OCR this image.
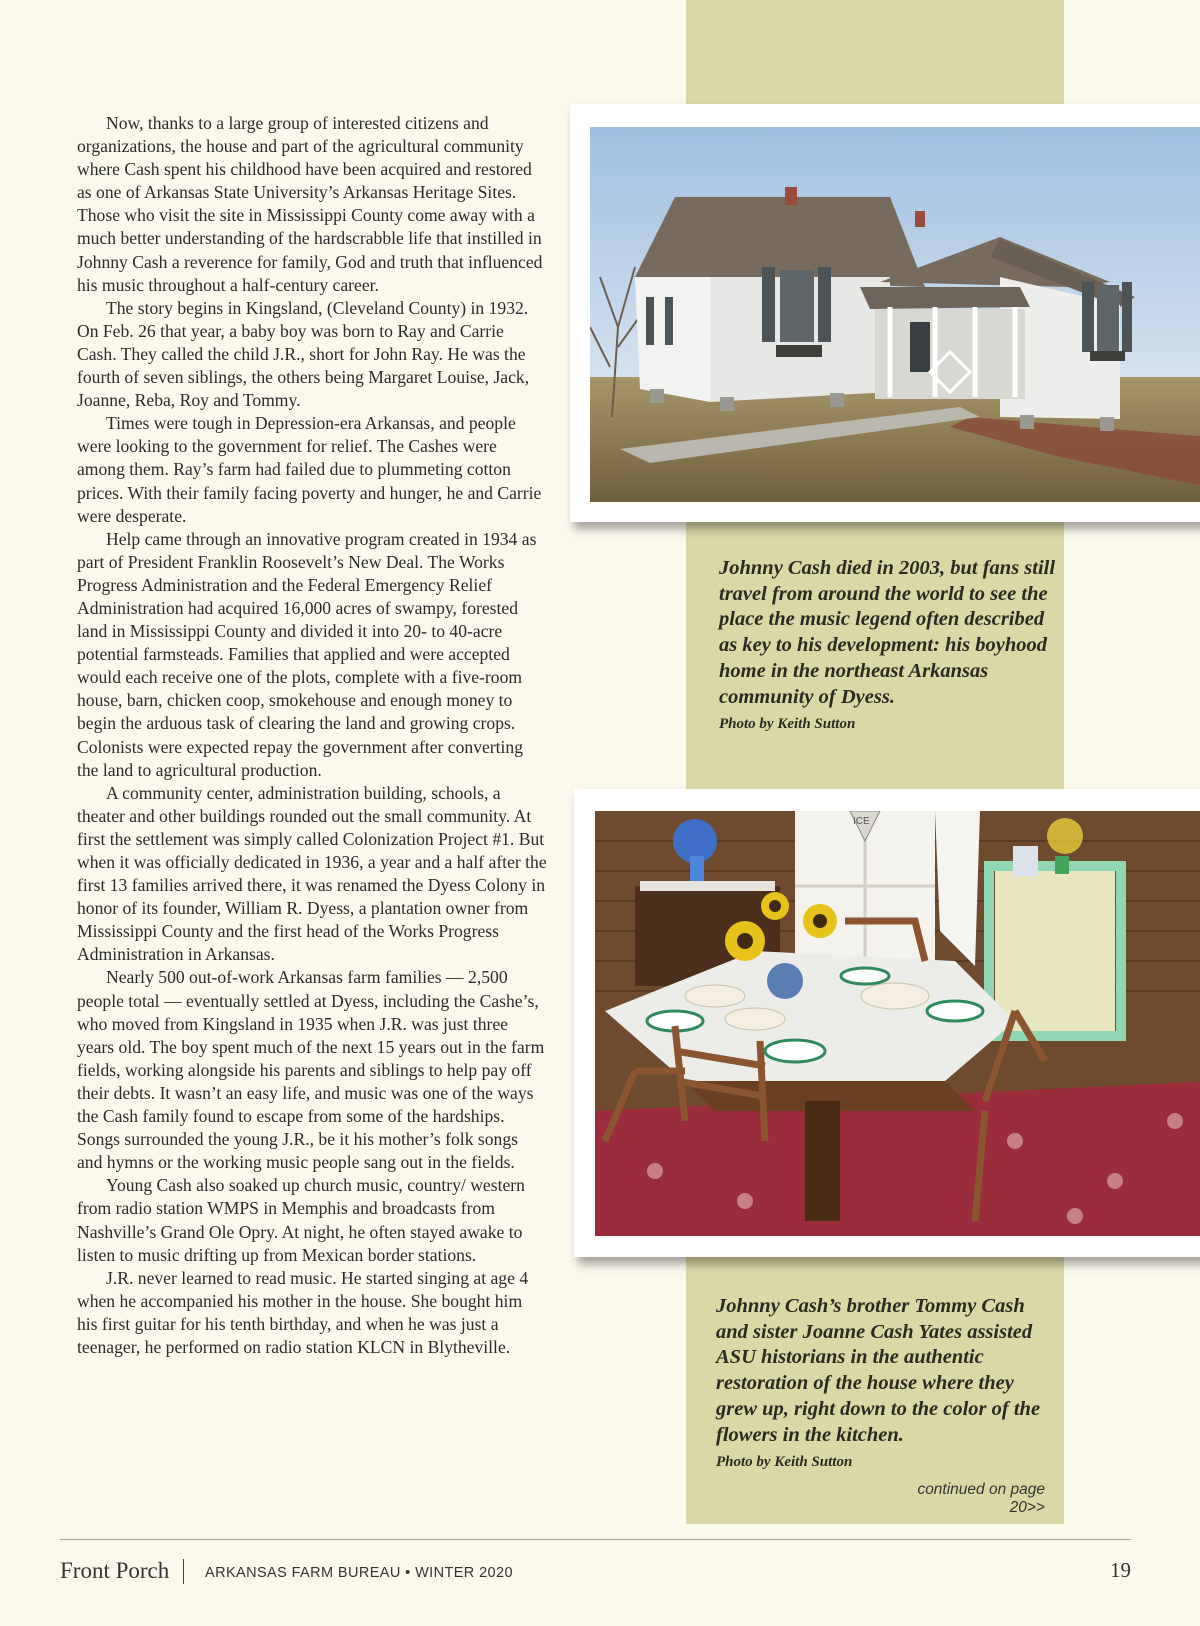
Now, thanks to a large group of interested citizens and organizations, the house and part of the agricultural community where Cash spent his childhood have been acquired and restored as one of Arkansas State University’s Arkansas Heritage Sites. Those who visit the site in Mississippi County come away with a much better understanding of the hardscrabble life that instilled in Johnny Cash a reverence for family, God and truth that influenced his music throughout a half-century career.

The story begins in Kingsland, (Cleveland County) in 1932. On Feb. 26 that year, a baby boy was born to Ray and Carrie Cash. They called the child J.R., short for John Ray. He was the fourth of seven siblings, the others being Margaret Louise, Jack, Joanne, Reba, Roy and Tommy.

Times were tough in Depression-era Arkansas, and people were looking to the government for relief. The Cashes were among them. Ray’s farm had failed due to plummeting cotton prices. With their family facing poverty and hunger, he and Carrie were desperate.

Help came through an innovative program created in 1934 as part of President Franklin Roosevelt’s New Deal. The Works Progress Administration and the Federal Emergency Relief Administration had acquired 16,000 acres of swampy, forested land in Mississippi County and divided it into 20- to 40-acre potential farmsteads. Families that applied and were accepted would each receive one of the plots, complete with a five-room house, barn, chicken coop, smokehouse and enough money to begin the arduous task of clearing the land and growing crops. Colonists were expected repay the government after converting the land to agricultural production.

A community center, administration building, schools, a theater and other buildings rounded out the small community. At first the settlement was simply called Colonization Project #1. But when it was officially dedicated in 1936, a year and a half after the first 13 families arrived there, it was renamed the Dyess Colony in honor of its founder, William R. Dyess, a plantation owner from Mississippi County and the first head of the Works Progress Administration in Arkansas.

Nearly 500 out-of-work Arkansas farm families — 2,500 people total — eventually settled at Dyess, including the Cashe’s, who moved from Kingsland in 1935 when J.R. was just three years old. The boy spent much of the next 15 years out in the farm fields, working alongside his parents and siblings to help pay off their debts. It wasn’t an easy life, and music was one of the ways the Cash family found to escape from some of the hardships. Songs surrounded the young J.R., be it his mother’s folk songs and hymns or the working music people sang out in the fields.

Young Cash also soaked up church music, country/ western from radio station WMPS in Memphis and broadcasts from Nashville’s Grand Ole Opry. At night, he often stayed awake to listen to music drifting up from Mexican border stations.

J.R. never learned to read music. He started singing at age 4 when he accompanied his mother in the house. She bought him his first guitar for his tenth birthday, and when he was just a teenager, he performed on radio station KLCN in Blytheville.

Johnny Cash died in 2003, but fans still travel from around the world to see the place the music legend often described as key to his development: his boyhood home in the northeast Arkansas community of Dyess.
Photo by Keith Sutton
ICE
Johnny Cash’s brother Tommy Cash and sister Joanne Cash Yates assisted ASU historians in the authentic restoration of the house where they grew up, right down to the color of the flowers in the kitchen.
Photo by Keith Sutton
continued on page 20>>
Front Porch ARKANSAS FARM BUREAU • WINTER 2020	19
